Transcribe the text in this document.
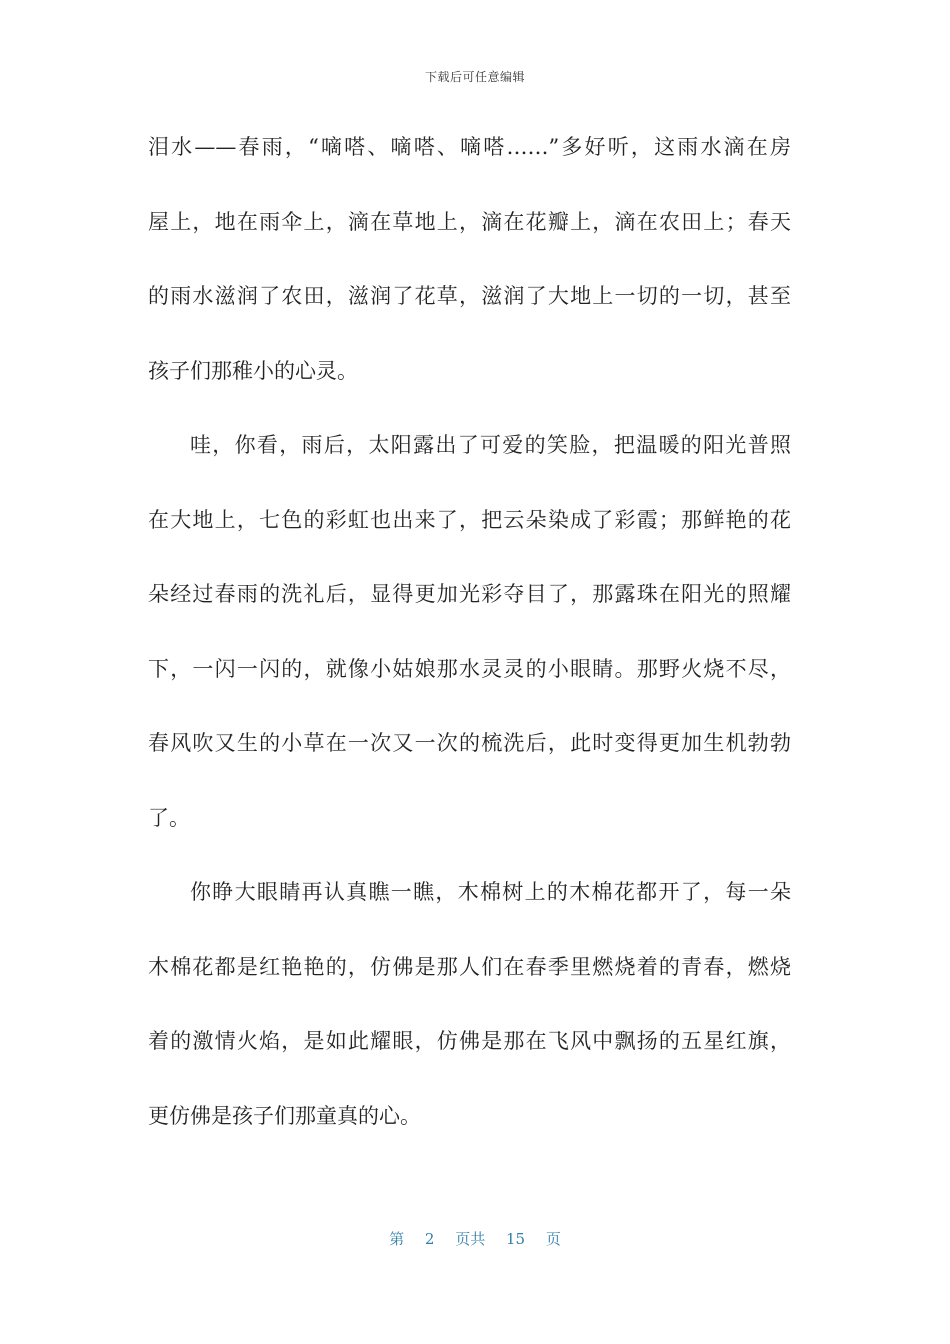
下载后可任意编辑
泪水——春雨，“嘀嗒、嘀嗒、嘀嗒……”多好听，这雨水滴在房
屋上，地在雨伞上，滴在草地上，滴在花瓣上，滴在农田上；春天
的雨水滋润了农田，滋润了花草，滋润了大地上一切的一切，甚至
孩子们那稚小的心灵。
哇，你看，雨后，太阳露出了可爱的笑脸，把温暖的阳光普照
在大地上，七色的彩虹也出来了，把云朵染成了彩霞；那鲜艳的花
朵经过春雨的洗礼后，显得更加光彩夺目了，那露珠在阳光的照耀
下，一闪一闪的，就像小姑娘那水灵灵的小眼睛。那野火烧不尽，
春风吹又生的小草在一次又一次的梳洗后，此时变得更加生机勃勃
了。
你睁大眼睛再认真瞧一瞧，木棉树上的木棉花都开了，每一朵
木棉花都是红艳艳的，仿佛是那人们在春季里燃烧着的青春，燃烧
着的激情火焰，是如此耀眼，仿佛是那在飞风中飘扬的五星红旗，
更仿佛是孩子们那童真的心。
第 2 页共 15 页
